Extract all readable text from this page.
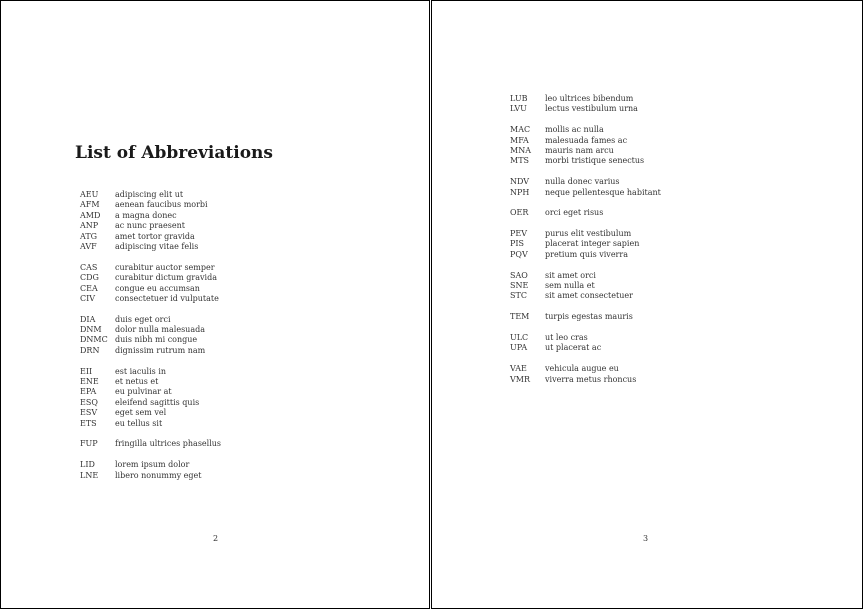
List of Abbreviations
AEU	adipiscing elit ut
AFM	aenean faucibus morbi
AMD	a magna donec
ANP	ac nunc praesent
ATG	amet tortor gravida
AVF	adipiscing vitae felis
CAS	curabitur auctor semper
CDG	curabitur dictum gravida
CEA	congue eu accumsan
CIV	consectetuer id vulputate
DIA	duis eget orci
DNM	dolor nulla malesuada
DNMC duis nibh mi congue
DRN	dignissim rutrum nam
EII	est iaculis in
ENE	et netus et
EPA	eu pulvinar at
ESQ	eleifend sagittis quis
ESV	eget sem vel
ETS	eu tellus sit
FUP	fringilla ultrices phasellus
LID	lorem ipsum dolor
LNE	libero nonummy eget
2
LUB	leo ultrices bibendum
LVU	lectus vestibulum urna
MAC	mollis ac nulla
MFA	malesuada fames ac
MNA	mauris nam arcu
MTS	morbi tristique senectus
NDV	nulla donec varius
NPH	neque pellentesque habitant
OER	orci eget risus
PEV	purus elit vestibulum
PIS	placerat integer sapien
PQV	pretium quis viverra
SAO	sit amet orci
SNE	sem nulla et
STC	sit amet consectetuer
TEM	turpis egestas mauris
ULC	ut leo cras
UPA	ut placerat ac
VAE	vehicula augue eu
VMR	viverra metus rhoncus
3
